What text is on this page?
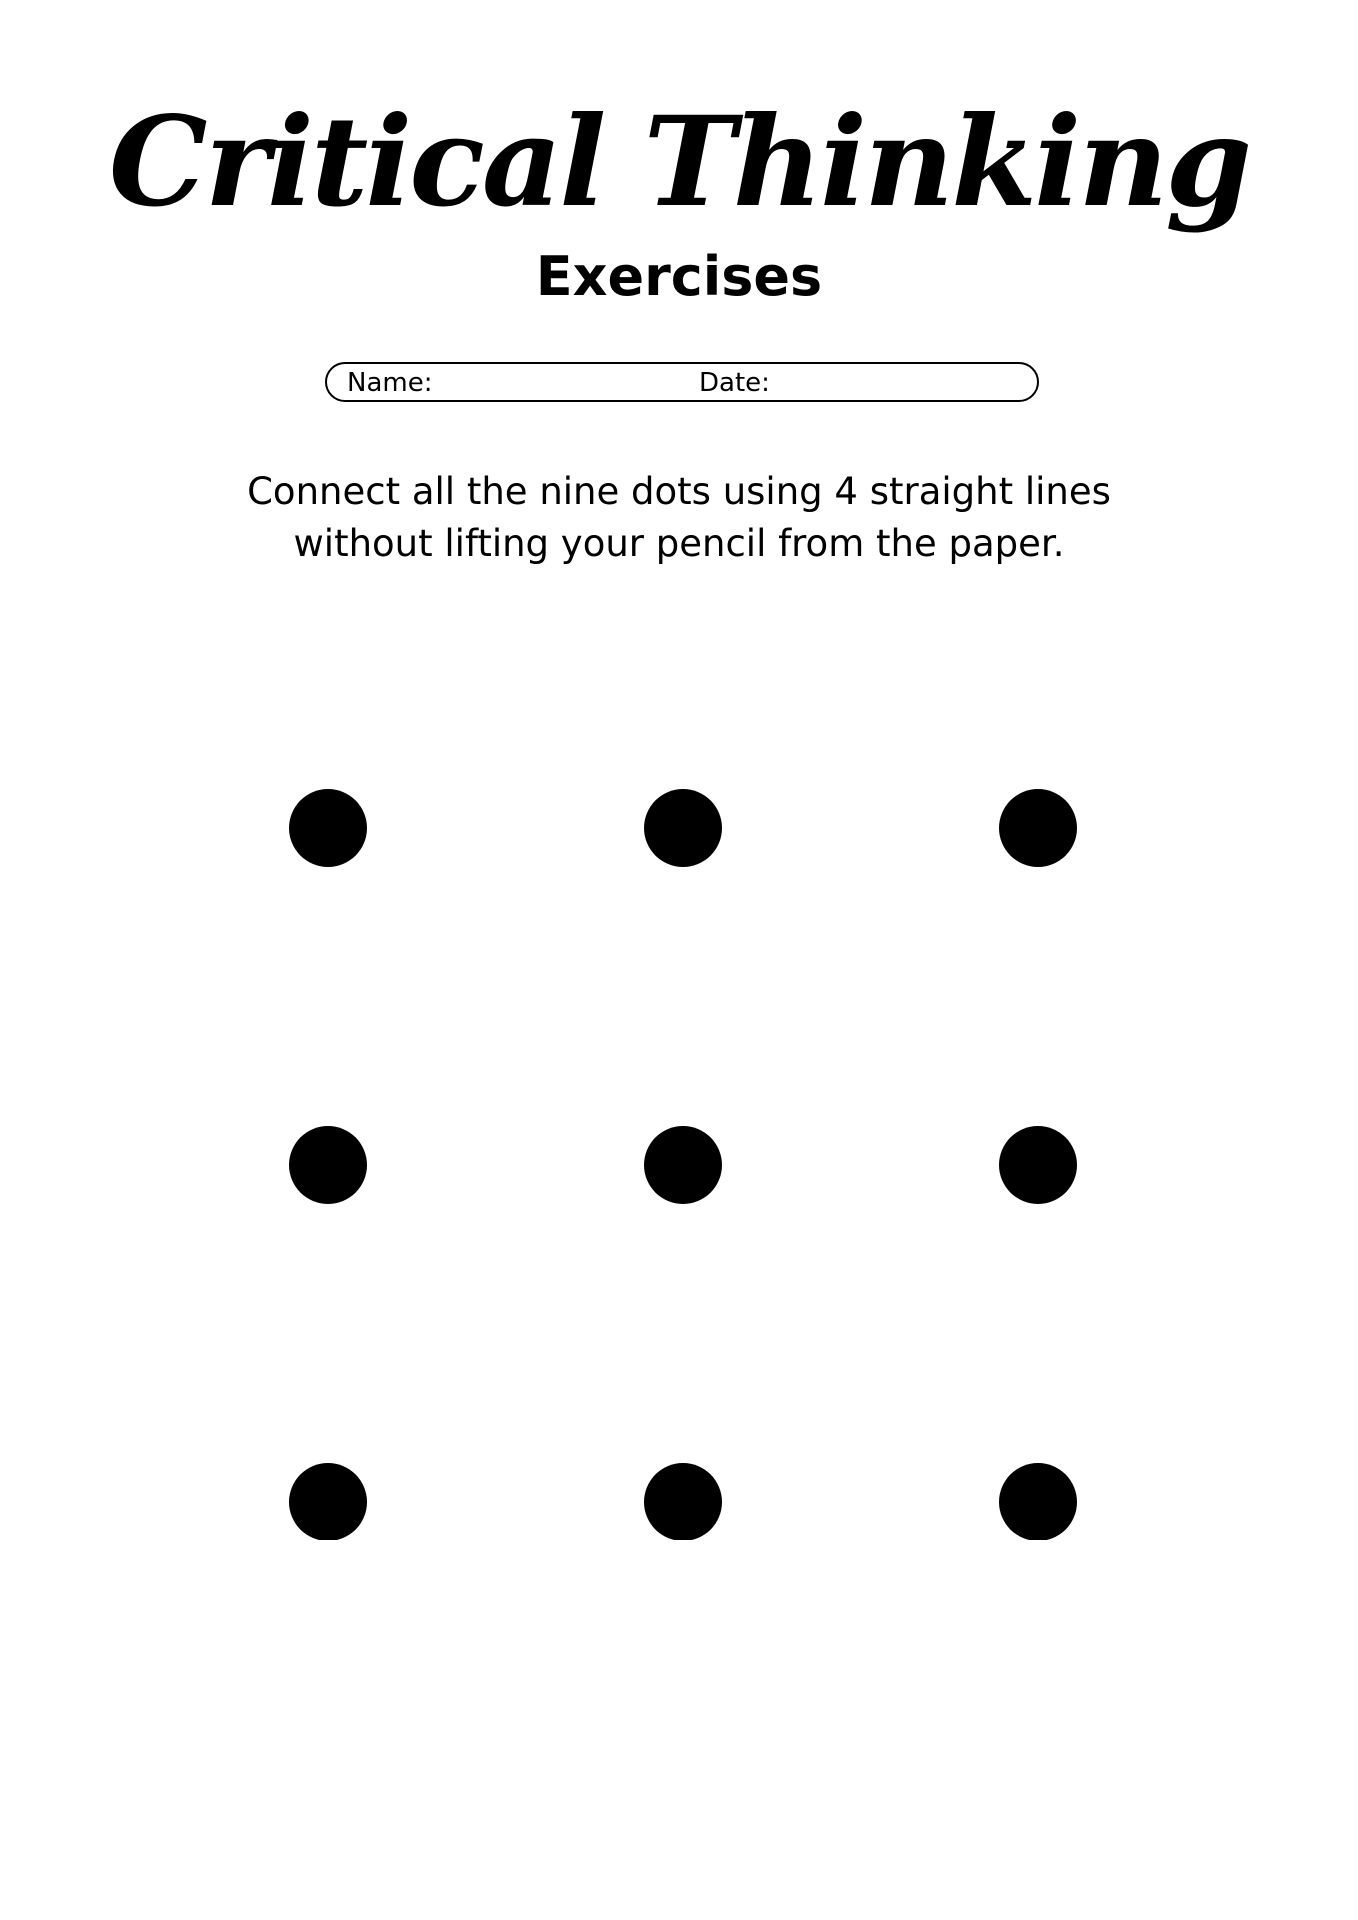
Critical Thinking
Exercises
Name:	Date:

Connect all the nine dots using 4 straight lines
without lifting your pencil from the paper.
